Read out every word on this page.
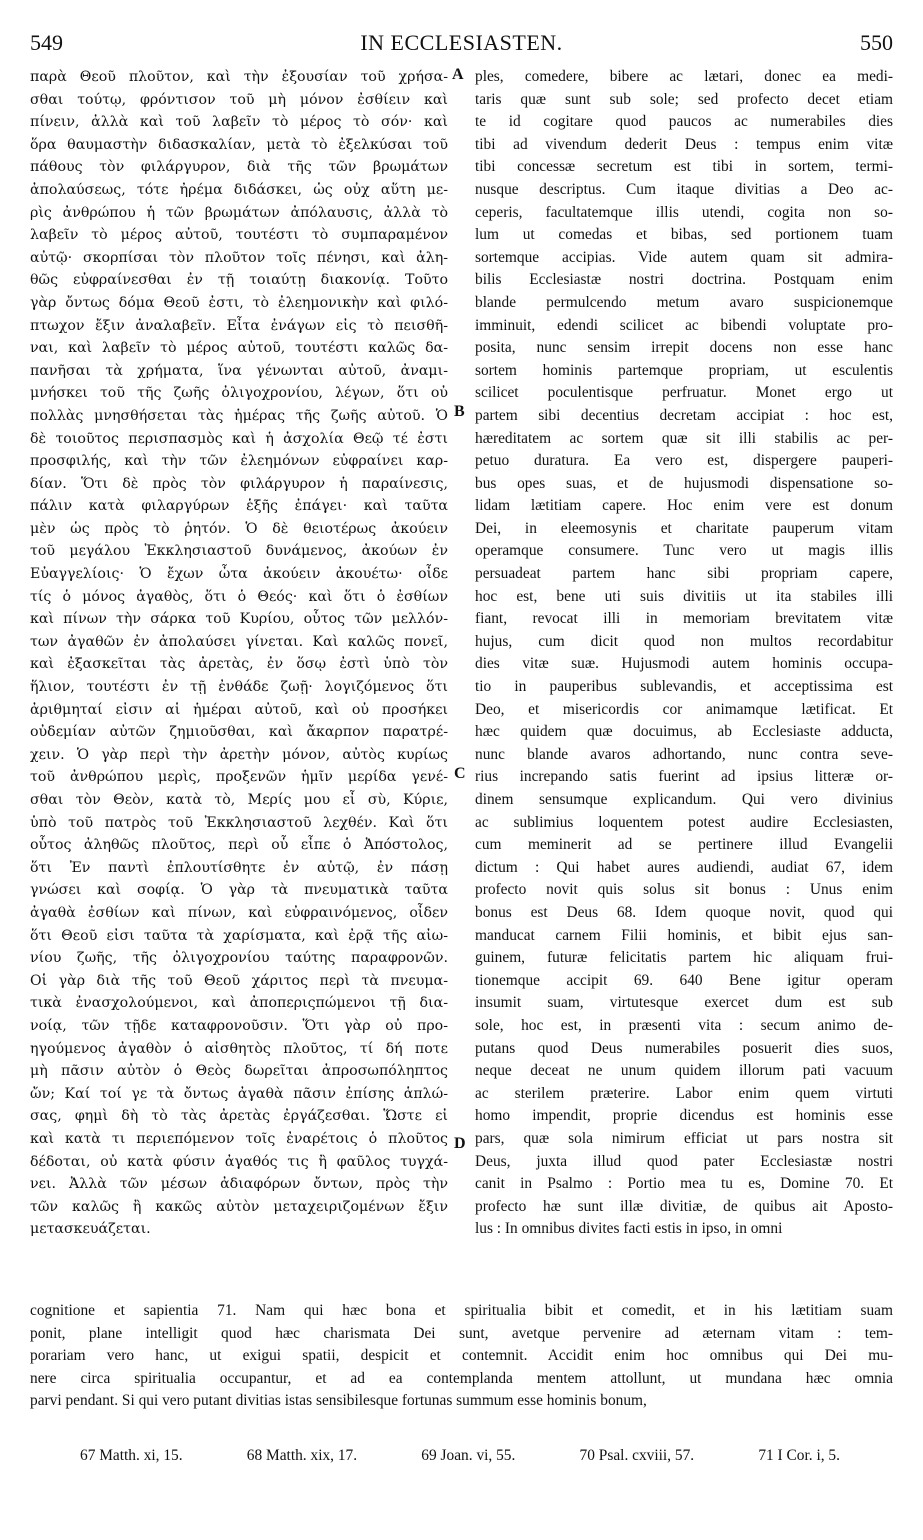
549	IN ECCLESIASTEN.	550
παρὰ Θεοῦ πλοῦτον, καὶ τὴν ἐξουσίαν τοῦ χρήσα-
σθαι τούτῳ, φρόντισον τοῦ μὴ μόνον ἐσθίειν καὶ
πίνειν, ἀλλὰ καὶ τοῦ λαβεῖν τὸ μέρος τὸ σόν· καὶ
ὅρα θαυμαστὴν διδασκαλίαν, μετὰ τὸ ἐξελκύσαι τοῦ
πάθους τὸν φιλάργυρον, διὰ τῆς τῶν βρωμάτων
ἀπολαύσεως, τότε ἠρέμα διδάσκει, ὡς οὐχ αὕτη με-
ρὶς ἀνθρώπου ἡ τῶν βρωμάτων ἀπόλαυσις, ἀλλὰ τὸ
λαβεῖν τὸ μέρος αὐτοῦ, τουτέστι τὸ συμπαραμένον
αὐτῷ· σκορπίσαι τὸν πλοῦτον τοῖς πένησι, καὶ ἀλη-
θῶς εὐφραίνεσθαι ἐν τῇ τοιαύτῃ διακονίᾳ. Τοῦτο
γὰρ ὄντως δόμα Θεοῦ ἐστι, τὸ ἐλεημονικὴν καὶ φιλό-
πτωχον ἔξιν ἀναλαβεῖν. Εἶτα ἐνάγων εἰς τὸ πεισθῆ-
ναι, καὶ λαβεῖν τὸ μέρος αὐτοῦ, τουτέστι καλῶς δα-
πανῆσαι τὰ χρήματα, ἵνα γένωνται αὐτοῦ, ἀναμι-
μνήσκει τοῦ τῆς ζωῆς ὀλιγοχρονίου, λέγων, ὅτι οὐ
πολλὰς μνησθήσεται τὰς ἡμέρας τῆς ζωῆς αὐτοῦ. Ὁ
δὲ τοιοῦτος περισπασμὸς καὶ ἡ ἀσχολία Θεῷ τέ ἐστι
προσφιλής, καὶ τὴν τῶν ἐλεημόνων εὐφραίνει καρ-
δίαν. Ὅτι δὲ πρὸς τὸν φιλάργυρον ἡ παραίνεσις,
πάλιν κατὰ φιλαργύρων ἑξῆς ἐπάγει· καὶ ταῦτα
μὲν ὡς πρὸς τὸ ῥητόν. Ὁ δὲ θειοτέρως ἀκούειν
τοῦ μεγάλου Ἐκκλησιαστοῦ δυνάμενος, ἀκούων ἐν
Εὐαγγελίοις· Ὁ ἔχων ὦτα ἀκούειν ἀκουέτω· οἶδε
τίς ὁ μόνος ἀγαθὸς, ὅτι ὁ Θεός· καὶ ὅτι ὁ ἐσθίων
καὶ πίνων τὴν σάρκα τοῦ Κυρίου, οὗτος τῶν μελλόν-
των ἀγαθῶν ἐν ἀπολαύσει γίνεται. Καὶ καλῶς πονεῖ,
καὶ ἐξασκεῖται τὰς ἀρετὰς, ἐν ὅσῳ ἐστὶ ὑπὸ τὸν
ἥλιον, τουτέστι ἐν τῇ ἐνθάδε ζωῇ· λογιζόμενος ὅτι
ἀριθμηταί εἰσιν αἱ ἡμέραι αὐτοῦ, καὶ οὐ προσήκει
οὐδεμίαν αὐτῶν ζημιοῦσθαι, καὶ ἄκαρπον παρατρέ-
χειν. Ὁ γὰρ περὶ τὴν ἀρετὴν μόνον, αὐτὸς κυρίως
τοῦ ἀνθρώπου μερὶς, προξενῶν ἡμῖν μερίδα γενέ-
σθαι τὸν Θεὸν, κατὰ τὸ, Μερίς μου εἶ σὺ, Κύριε,
ὑπὸ τοῦ πατρὸς τοῦ Ἐκκλησιαστοῦ λεχθέν. Καὶ ὅτι
οὗτος ἀληθῶς πλοῦτος, περὶ οὗ εἶπε ὁ Ἀπόστολος,
ὅτι Ἐν παντὶ ἐπλουτίσθητε ἐν αὐτῷ, ἐν πάσῃ
γνώσει καὶ σοφίᾳ. Ὁ γὰρ τὰ πνευματικὰ ταῦτα
ἀγαθὰ ἐσθίων καὶ πίνων, καὶ εὐφραινόμενος, οἶδεν
ὅτι Θεοῦ εἰσι ταῦτα τὰ χαρίσματα, καὶ ἐρᾷ τῆς αἰω-
νίου ζωῆς, τῆς ὀλιγοχρονίου ταύτης παραφρονῶν.
Οἱ γὰρ διὰ τῆς τοῦ Θεοῦ χάριτος περὶ τὰ πνευμα-
τικὰ ἐνασχολούμενοι, καὶ ἀποπεριςπώμενοι τῇ δια-
νοίᾳ, τῶν τῇδε καταφρονοῦσιν. Ὅτι γὰρ οὐ προ-
ηγούμενος ἀγαθὸν ὁ αἰσθητὸς πλοῦτος, τί δή ποτε
μὴ πᾶσιν αὐτὸν ὁ Θεὸς δωρεῖται ἀπροσωπόληπτος
ὤν; Καί τοί γε τὰ ὄντως ἀγαθὰ πᾶσιν ἐπίσης ἁπλώ-
σας, φημὶ δὴ τὸ τὰς ἀρετὰς ἐργάζεσθαι. Ὥστε εἰ
καὶ κατὰ τι περιεπόμενον τοῖς ἐναρέτοις ὁ πλοῦτος
δέδοται, οὐ κατὰ φύσιν ἀγαθός τις ἢ φαῦλος τυγχά-
νει. Ἀλλὰ τῶν μέσων ἀδιαφόρων ὄντων, πρὸς τὴν
τῶν καλῶς ἢ κακῶς αὐτὸν μεταχειριζομένων ἔξιν
μετασκευάζεται.
ples, comedere, bibere ac lætari, donec ea medi-
taris quæ sunt sub sole; sed profecto decet etiam
te id cogitare quod paucos ac numerabiles dies
tibi ad vivendum dederit Deus : tempus enim vitæ
tibi concessæ secretum est tibi in sortem, termi-
nusque descriptus. Cum itaque divitias a Deo ac-
ceperis, facultatemque illis utendi, cogita non so-
lum ut comedas et bibas, sed portionem tuam
sortemque accipias. Vide autem quam sit admira-
bilis Ecclesiastæ nostri doctrina. Postquam enim
blande permulcendo metum avaro suspicionemque
imminuit, edendi scilicet ac bibendi voluptate pro-
posita, nunc sensim irrepit docens non esse hanc
sortem hominis partemque propriam, ut esculentis
scilicet poculentisque perfruatur. Monet ergo ut
partem sibi decentius decretam accipiat : hoc est,
hæreditatem ac sortem quæ sit illi stabilis ac per-
petuo duratura. Ea vero est, dispergere pauperi-
bus opes suas, et de hujusmodi dispensatione so-
lidam lætitiam capere. Hoc enim vere est donum
Dei, in eleemosynis et charitate pauperum vitam
operamque consumere. Tunc vero ut magis illis
persuadeat partem hanc sibi propriam capere,
hoc est, bene uti suis divitiis ut ita stabiles illi
fiant, revocat illi in memoriam brevitatem vitæ
hujus, cum dicit quod non multos recordabitur
dies vitæ suæ. Hujusmodi autem hominis occupa-
tio in pauperibus sublevandis, et acceptissima est
Deo, et misericordis cor animamque lætificat. Et
hæc quidem quæ docuimus, ab Ecclesiaste adducta,
nunc blande avaros adhortando, nunc contra seve-
rius increpando satis fuerint ad ipsius litteræ or-
dinem sensumque explicandum. Qui vero divinius
ac sublimius loquentem potest audire Ecclesiasten,
cum meminerit ad se pertinere illud Evangelii
dictum : Qui habet aures audiendi, audiat 67, idem
profecto novit quis solus sit bonus : Unus enim
bonus est Deus 68. Idem quoque novit, quod qui
manducat carnem Filii hominis, et bibit ejus san-
guinem, futuræ felicitatis partem hic aliquam frui-
tionemque accipit 69. 640 Bene igitur operam
insumit suam, virtutesque exercet dum est sub
sole, hoc est, in præsenti vita : secum animo de-
putans quod Deus numerabiles posuerit dies suos,
neque deceat ne unum quidem illorum pati vacuum
ac sterilem præterire. Labor enim quem virtuti
homo impendit, proprie dicendus est hominis esse
pars, quæ sola nimirum efficiat ut pars nostra sit
Deus, juxta illud quod pater Ecclesiastæ nostri
canit in Psalmo : Portio mea tu es, Domine 70. Et
profecto hæ sunt illæ divitiæ, de quibus ait Aposto-
lus : In omnibus divites facti estis in ipso, in omni
A
B
C
D
cognitione et sapientia 71. Nam qui hæc bona et spiritualia bibit et comedit, et in his lætitiam suam
ponit, plane intelligit quod hæc charismata Dei sunt, avetque pervenire ad æternam vitam : tem-
porariam vero hanc, ut exigui spatii, despicit et contemnit. Accidit enim hoc omnibus qui Dei mu-
nere circa spiritualia occupantur, et ad ea contemplanda mentem attollunt, ut mundana hæc omnia
parvi pendant. Si qui vero putant divitias istas sensibilesque fortunas summum esse hominis bonum,
67 Matth. xi, 15.	68 Matth. xix, 17.	69 Joan. vi, 55.	70 Psal. cxviii, 57.	71 I Cor. i, 5.
